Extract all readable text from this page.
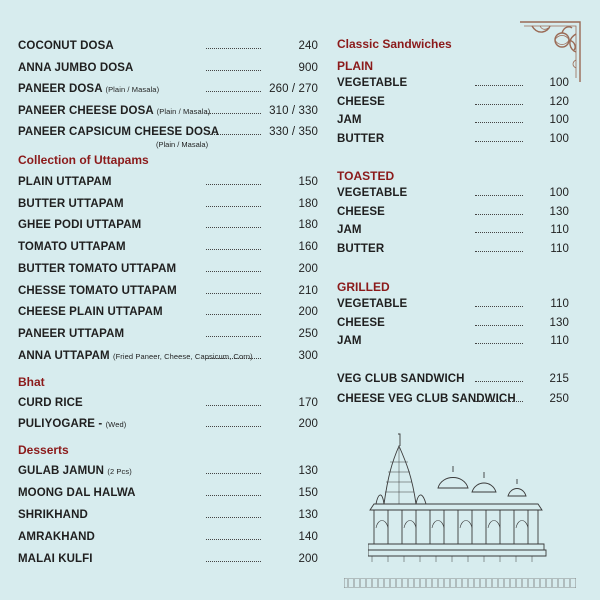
COCONUT DOSA	240
ANNA JUMBO DOSA	900
PANEER DOSA (Plain / Masala)	260 / 270
PANEER CHEESE DOSA (Plain / Masala)	310 / 330
PANEER CAPSICUM CHEESE DOSA	330 / 350
(Plain / Masala)
Collection of Uttapams
PLAIN UTTAPAM	150
BUTTER UTTAPAM	180
GHEE PODI UTTAPAM	180
TOMATO UTTAPAM	160
BUTTER TOMATO UTTAPAM	200
CHESSE TOMATO UTTAPAM	210
CHEESE PLAIN UTTAPAM	200
PANEER UTTAPAM	250
ANNA UTTAPAM (Fried Paneer, Cheese, Capsicum, Corn)	300
Bhat
CURD RICE	170
PULIYOGARE - (Wed)	200
Desserts
GULAB JAMUN (2 Pcs)	130
MOONG DAL HALWA	150
SHRIKHAND	130
AMRAKHAND	140
MALAI KULFI	200
Classic Sandwiches
PLAIN
VEGETABLE	100
CHEESE	120
JAM	100
BUTTER	100
TOASTED
VEGETABLE	100
CHEESE	130
JAM	110
BUTTER	110
GRILLED
VEGETABLE	110
CHEESE	130
JAM	110
VEG CLUB SANDWICH	215
CHEESE VEG CLUB SANDWICH	250
